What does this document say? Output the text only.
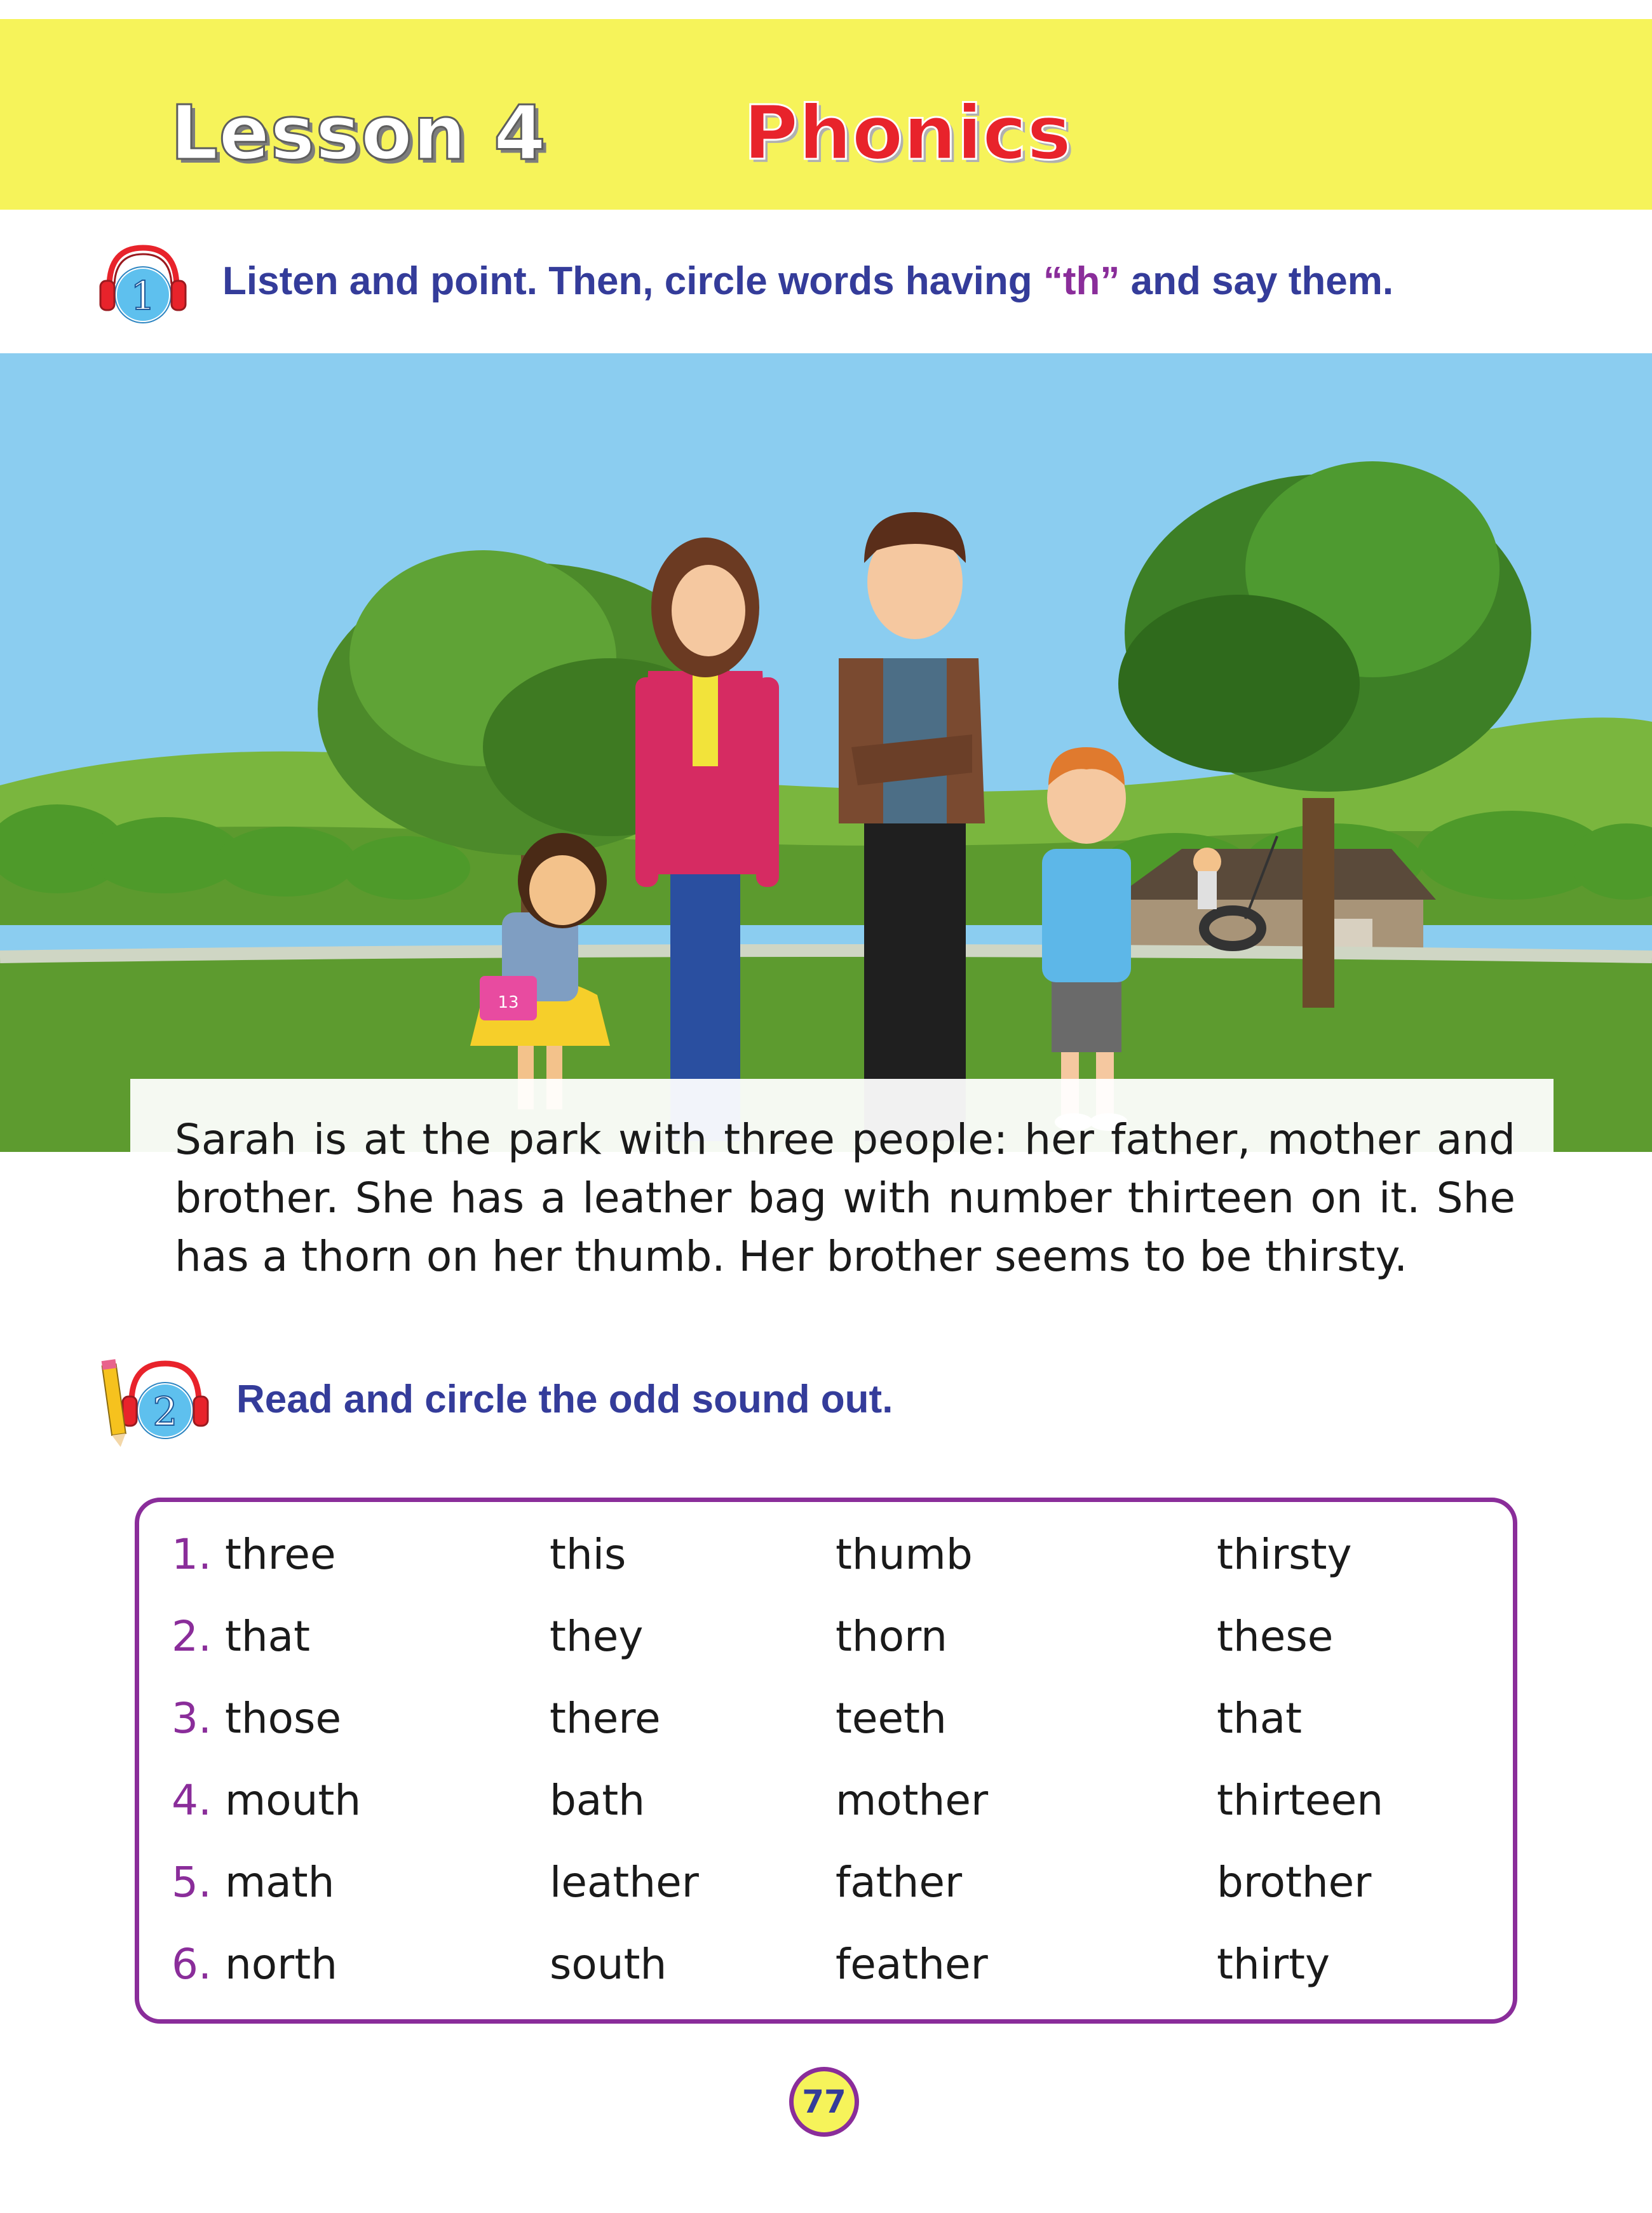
Lesson 4	Phonics
1 Listen and point. Then, circle words having “th” and say them.
13
Sarah is at the park with three people: her father, mother and brother. She has a leather bag with number thirteen on it. She has a thorn on her thumb. Her brother seems to be thirsty.
2 Read and circle the odd sound out.
1. three	this	thumb	thirsty
2. that	they	thorn	these
3. those	there	teeth	that
4. mouth	bath	mother	thirteen
5. math	leather	father	brother
6. north	south	feather	thirty
77
